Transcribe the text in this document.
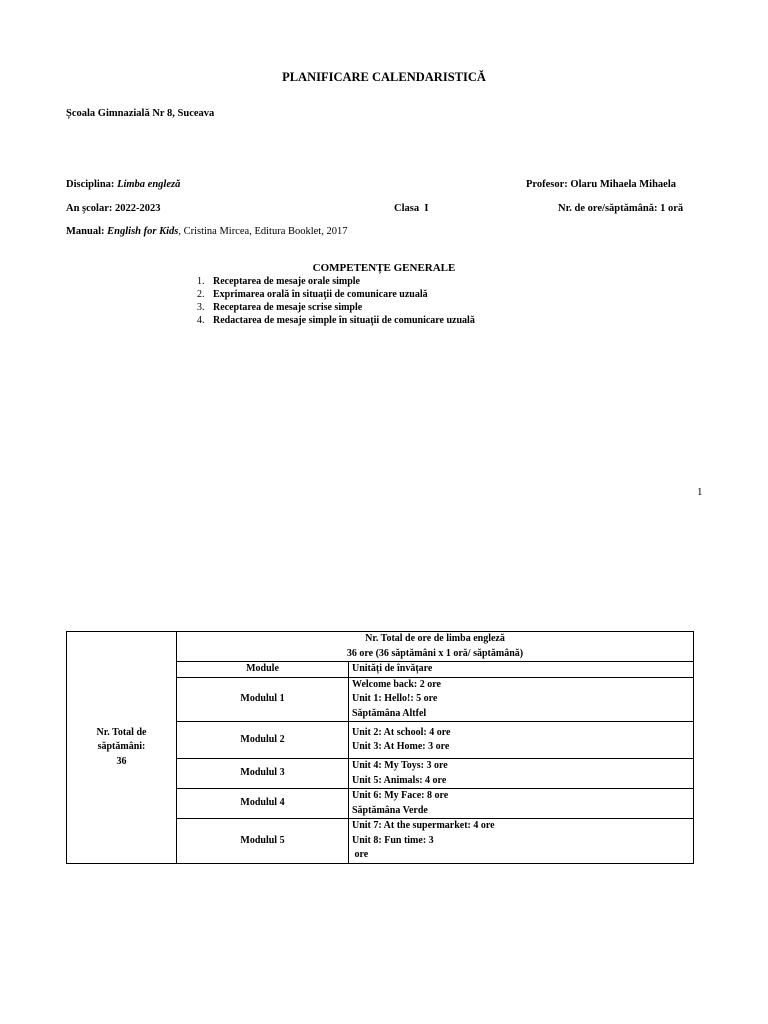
PLANIFICARE CALENDARISTICĂ
Școala Gimnazială Nr 8, Suceava
Disciplina: Limba engleză	Profesor: Olaru Mihaela Mihaela
An școlar: 2022-2023	Clasa I	Nr. de ore/săptămână: 1 oră
Manual: English for Kids, Cristina Mircea, Editura Booklet, 2017
COMPETENȚE GENERALE
1. Receptarea de mesaje orale simple
2. Exprimarea orală în situaţii de comunicare uzuală
3. Receptarea de mesaje scrise simple
4. Redactarea de mesaje simple în situaţii de comunicare uzuală
1
Nr. Total de
săptămâni:
36	Nr. Total de ore de limba engleză
36 ore (36 săptămâni x 1 oră/ săptămână)	

	Module	Unități de învățare
	Modulul 1	Welcome back: 2 ore
Unit 1: Hello!: 5 ore
Săptămâna Altfel

	Modulul 2	Unit 2: At school: 4 ore
Unit 3: At Home: 3 ore

	Modulul 3	Unit 4: My Toys: 3 ore
Unit 5: Animals: 4 ore

	Modulul 4	Unit 6: My Face: 8 ore
Săptămâna Verde

	Modulul 5	Unit 7: At the supermarket: 4 ore
Unit 8: Fun time: 3
ore
